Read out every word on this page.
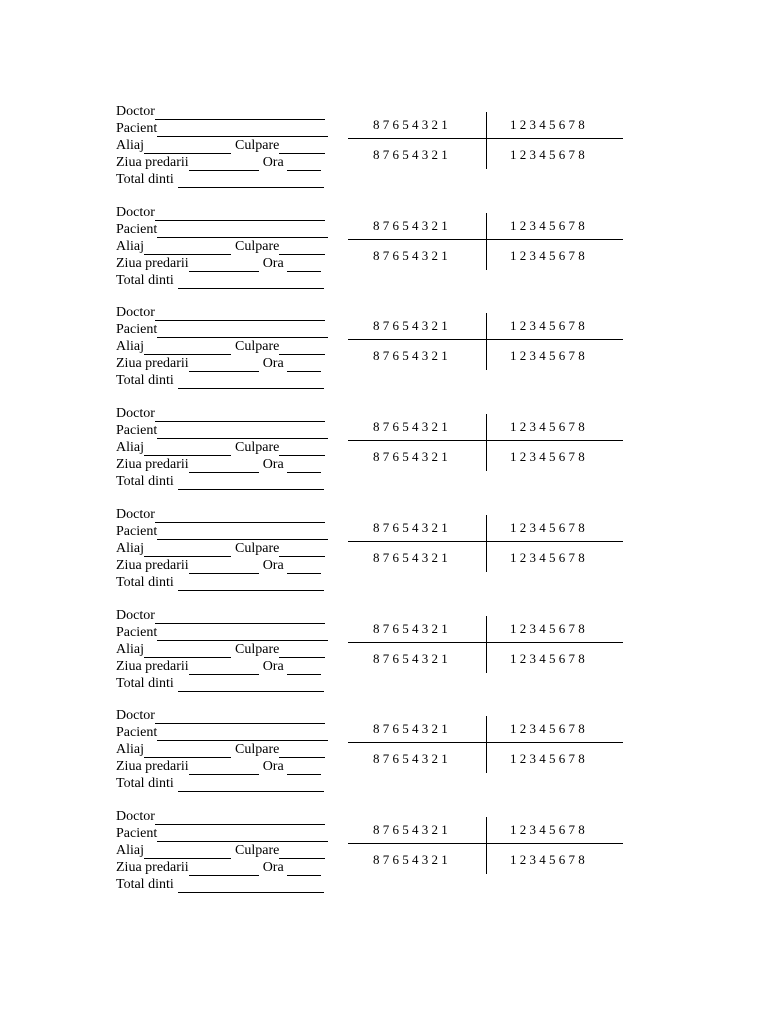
Doctor
Pacient
Aliaj	Culpare
Ziua predarii	Ora
Total dinti
8 7 6 5 4 3 2 1	1 2 3 4 5 6 7 8
8 7 6 5 4 3 2 1	1 2 3 4 5 6 7 8
Doctor
Pacient
Aliaj	Culpare
Ziua predarii	Ora
Total dinti
8 7 6 5 4 3 2 1	1 2 3 4 5 6 7 8
8 7 6 5 4 3 2 1	1 2 3 4 5 6 7 8
Doctor
Pacient
Aliaj	Culpare
Ziua predarii	Ora
Total dinti
8 7 6 5 4 3 2 1	1 2 3 4 5 6 7 8
8 7 6 5 4 3 2 1	1 2 3 4 5 6 7 8
Doctor
Pacient
Aliaj	Culpare
Ziua predarii	Ora
Total dinti
8 7 6 5 4 3 2 1	1 2 3 4 5 6 7 8
8 7 6 5 4 3 2 1	1 2 3 4 5 6 7 8
Doctor
Pacient
Aliaj	Culpare
Ziua predarii	Ora
Total dinti
8 7 6 5 4 3 2 1	1 2 3 4 5 6 7 8
8 7 6 5 4 3 2 1	1 2 3 4 5 6 7 8
Doctor
Pacient
Aliaj	Culpare
Ziua predarii	Ora
Total dinti
8 7 6 5 4 3 2 1	1 2 3 4 5 6 7 8
8 7 6 5 4 3 2 1	1 2 3 4 5 6 7 8
Doctor
Pacient
Aliaj	Culpare
Ziua predarii	Ora
Total dinti
8 7 6 5 4 3 2 1	1 2 3 4 5 6 7 8
8 7 6 5 4 3 2 1	1 2 3 4 5 6 7 8
Doctor
Pacient
Aliaj	Culpare
Ziua predarii	Ora
Total dinti
8 7 6 5 4 3 2 1	1 2 3 4 5 6 7 8
8 7 6 5 4 3 2 1	1 2 3 4 5 6 7 8
